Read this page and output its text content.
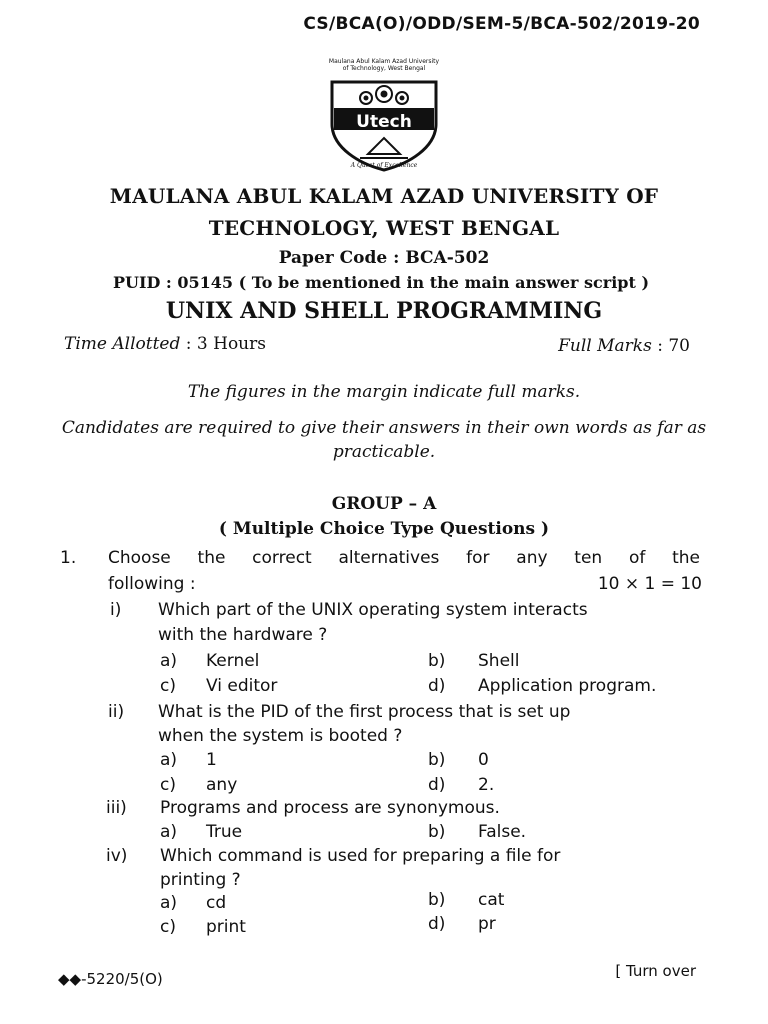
CS/BCA(O)/ODD/SEM-5/BCA-502/2019-20
Maulana Abul Kalam Azad University
of Technology, West Bengal
Utech
A Quest of Excellence
MAULANA ABUL KALAM AZAD UNIVERSITY OF
TECHNOLOGY, WEST BENGAL
Paper Code : BCA-502
PUID : 05145 ( To be mentioned in the main answer script )
UNIX AND SHELL PROGRAMMING
Time Allotted : 3 Hours	Full Marks : 70
The figures in the margin indicate full marks.
Candidates are required to give their answers in their own words as far as practicable.
GROUP – A
( Multiple Choice Type Questions )
1. Choose the correct alternatives for any ten of the
following :	10 × 1 = 10
i) Which part of the UNIX operating system interacts
with the hardware ?
a) Kernel	b) Shell
c) Vi editor	d) Application program.
ii) What is the PID of the first process that is set up
when the system is booted ?
a) 1	b) 0
c) any	d) 2.
iii) Programs and process are synonymous.
a) True	b) False.
iv) Which command is used for preparing a file for
printing ?
a) cd	b) cat
c) print	d) pr
◆◆-5220/5(O)	[ Turn over
